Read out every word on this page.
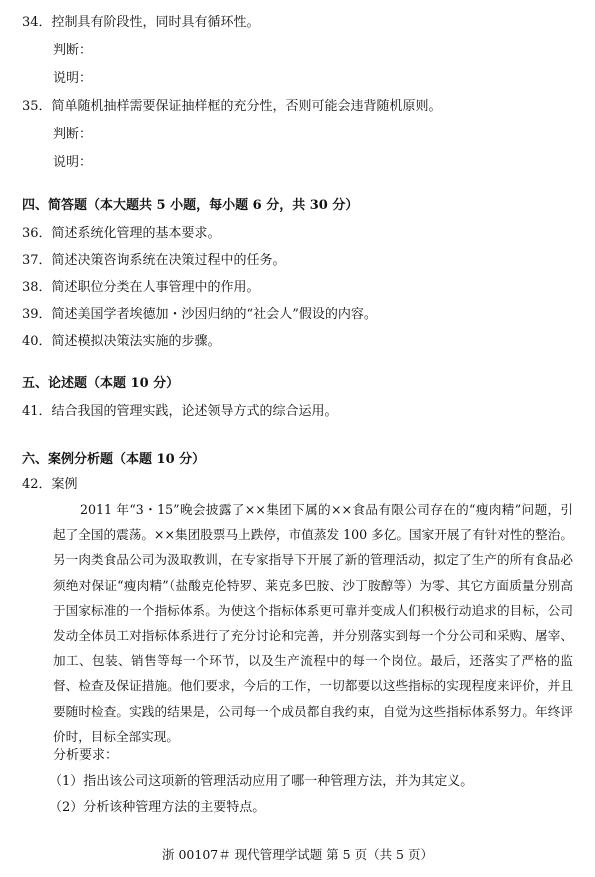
34．控制具有阶段性，同时具有循环性。
判断：
说明：
35．简单随机抽样需要保证抽样框的充分性，否则可能会违背随机原则。
判断：
说明：
四、简答题（本大题共 5 小题，每小题 6 分，共 30 分）
36．简述系统化管理的基本要求。
37．简述决策咨询系统在决策过程中的任务。
38．简述职位分类在人事管理中的作用。
39．简述美国学者埃德加・沙因归纳的“社会人”假设的内容。
40．简述模拟决策法实施的步骤。
五、论述题（本题 10 分）
41．结合我国的管理实践，论述领导方式的综合运用。
六、案例分析题（本题 10 分）
42．案例
2011 年“3・15”晚会披露了××集团下属的××食品有限公司存在的“瘦肉精”问题，引起了全国的震荡。××集团股票马上跌停，市值蒸发 100 多亿。国家开展了有针对性的整治。另一肉类食品公司为汲取教训，在专家指导下开展了新的管理活动，拟定了生产的所有食品必须绝对保证“瘦肉精”（盐酸克伦特罗、莱克多巴胺、沙丁胺醇等）为零、其它方面质量分别高于国家标准的一个指标体系。为使这个指标体系更可靠并变成人们积极行动追求的目标，公司发动全体员工对指标体系进行了充分讨论和完善，并分别落实到每一个分公司和采购、屠宰、加工、包装、销售等每一个环节，以及生产流程中的每一个岗位。最后，还落实了严格的监督、检查及保证措施。他们要求，今后的工作，一切都要以这些指标的实现程度来评价，并且要随时检查。实践的结果是，公司每一个成员都自我约束，自觉为这些指标体系努力。年终评价时，目标全部实现。
分析要求：
（1）指出该公司这项新的管理活动应用了哪一种管理方法，并为其定义。
（2）分析该种管理方法的主要特点。
浙 00107＃ 现代管理学试题 第 5 页（共 5 页）
